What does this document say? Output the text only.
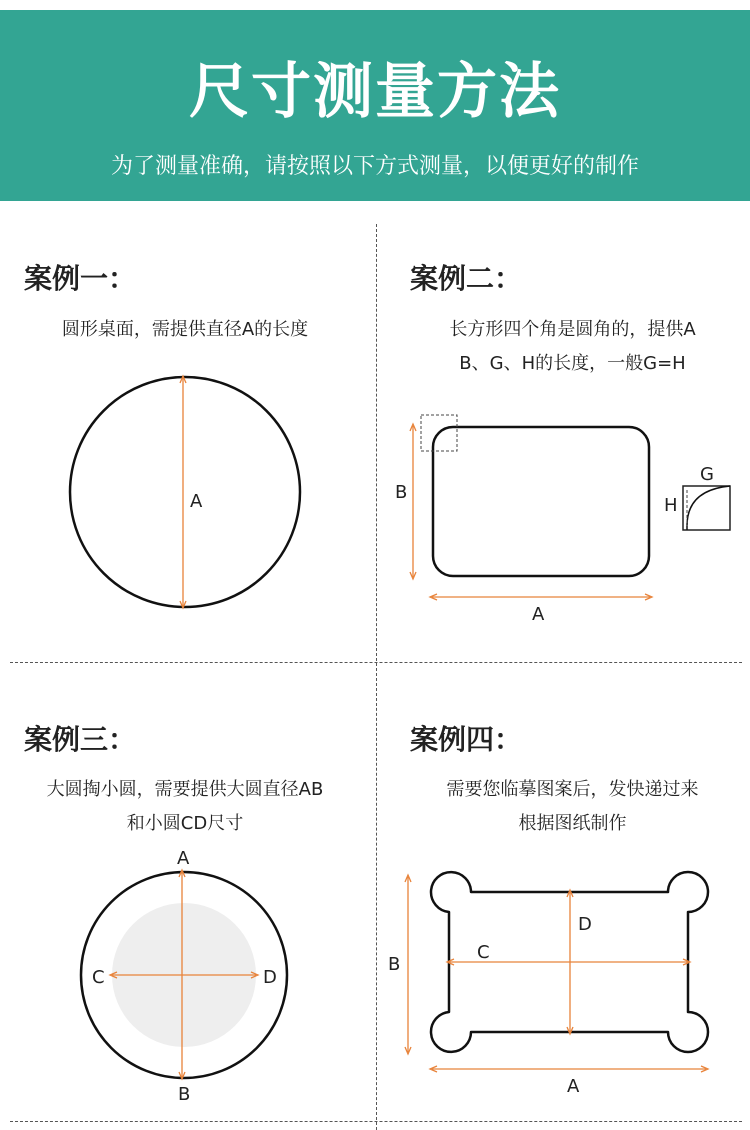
尺寸测量方法
为了测量准确，请按照以下方式测量，以便更好的制作
案例一：
圆形桌面，需提供直径A的长度
A
案例二：
长方形四个角是圆角的，提供A
B、G、H的长度，一般G=H
B
A
G
H
案例三：
大圆掏小圆，需要提供大圆直径AB
和小圆CD尺寸
A
B
C	D
案例四：
需要您临摹图案后，发快递过来
根据图纸制作
D
C
B
A
